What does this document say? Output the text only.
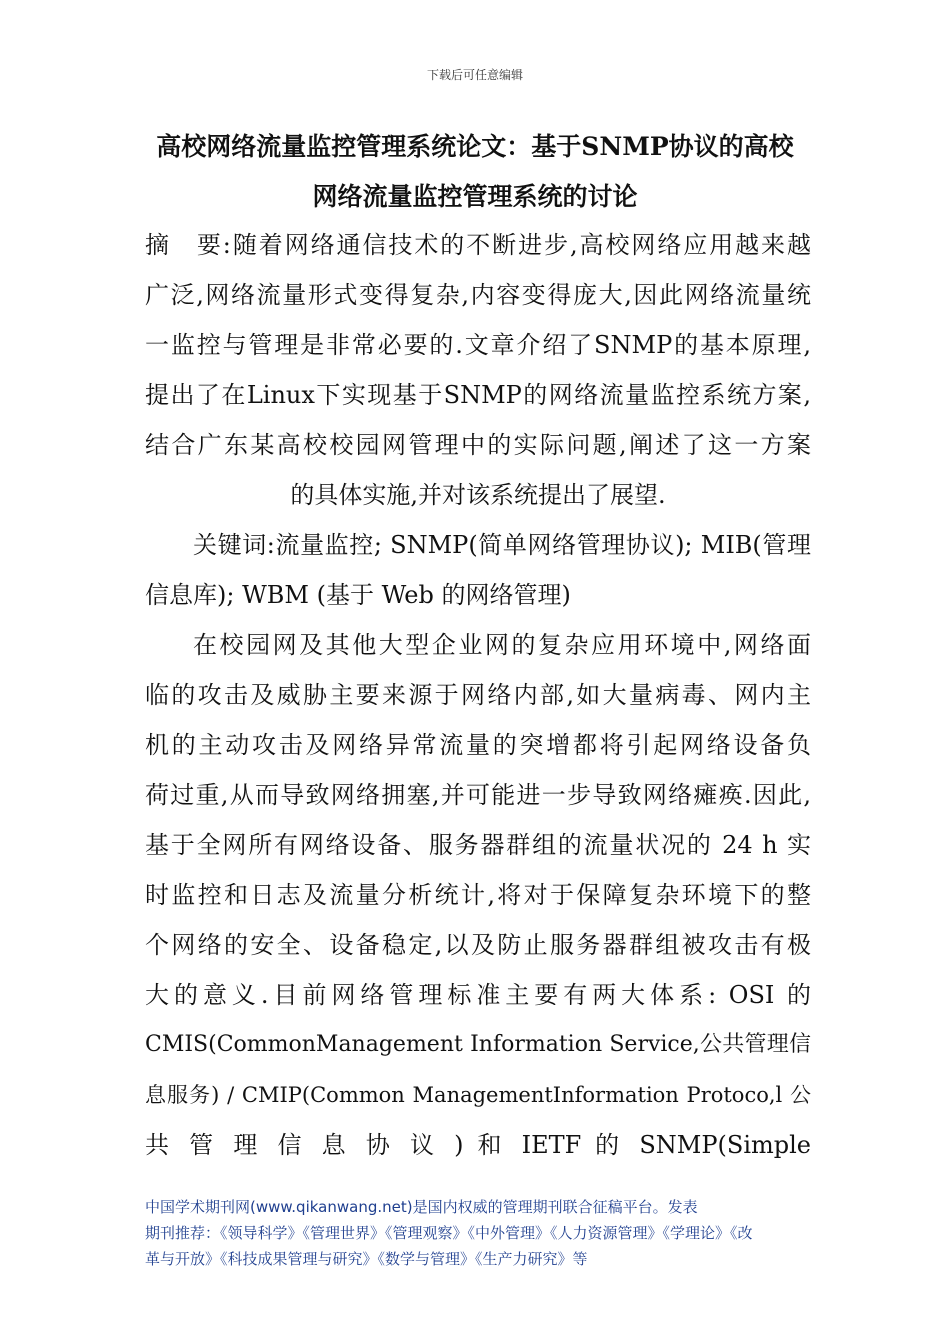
下载后可任意编辑
高校网络流量监控管理系统论文：基于SNMP协议的高校
网络流量监控管理系统的讨论
摘　要:随着网络通信技术的不断进步,高校网络应用越来越
广泛,网络流量形式变得复杂,内容变得庞大,因此网络流量统
一监控与管理是非常必要的.文章介绍了SNMP的基本原理,
提出了在Linux下实现基于SNMP的网络流量监控系统方案,
结合广东某高校校园网管理中的实际问题,阐述了这一方案
的具体实施,并对该系统提出了展望.
关键词:流量监控; SNMP(简单网络管理协议); MIB(管理
信息库); WBM (基于 Web 的网络管理)
在校园网及其他大型企业网的复杂应用环境中,网络面
临的攻击及威胁主要来源于网络内部,如大量病毒、网内主
机的主动攻击及网络异常流量的突增都将引起网络设备负
荷过重,从而导致网络拥塞,并可能进一步导致网络瘫痪.因此,
基于全网所有网络设备、服务器群组的流量状况的 24 h 实
时监控和日志及流量分析统计,将对于保障复杂环境下的整
个网络的安全、设备稳定,以及防止服务器群组被攻击有极
大的意义.目前网络管理标准主要有两大体系: OSI 的
CMIS(CommonManagement Information Service,公共管理信
息服务) / CMIP(Common ManagementInformation Protoco,l 公
共 管 理 信 息 协 议 ) 和 IETF 的 SNMP(Simple
中国学术期刊网(www.qikanwang.net)是国内权威的管理期刊联合征稿平台。发表
期刊推荐：《领导科学》《管理世界》《管理观察》《中外管理》《人力资源管理》《学理论》《改
革与开放》《科技成果管理与研究》《数学与管理》《生产力研究》等
